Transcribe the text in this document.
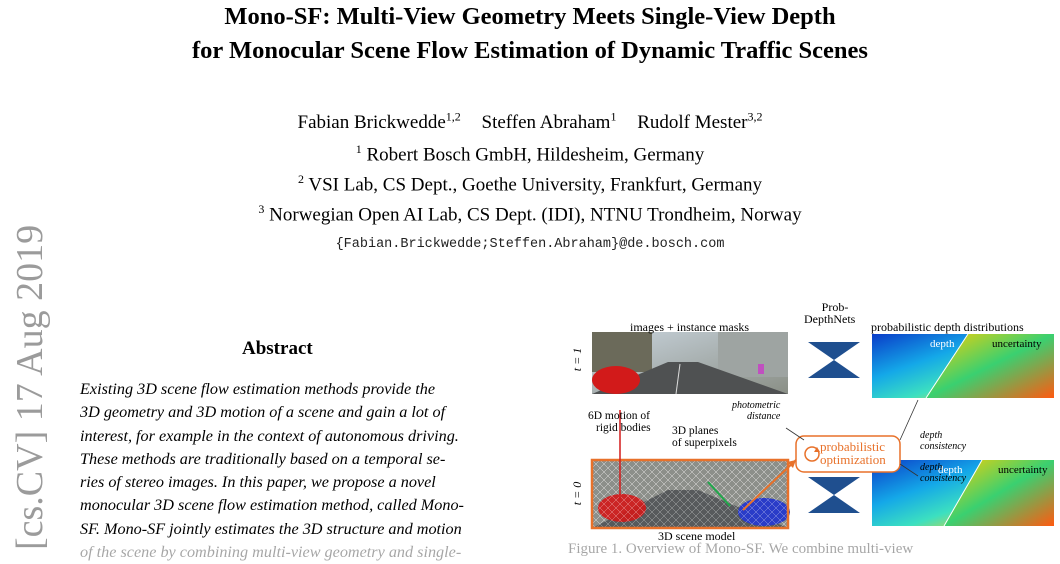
Mono-SF: Multi-View Geometry Meets Single-View Depth
for Monocular Scene Flow Estimation of Dynamic Traffic Scenes
Fabian Brickwedde$^{1,2}$ Steffen Abraham$^1$ Rudolf Mester$^{3,2}$
$^1$ Robert Bosch GmbH, Hildesheim, Germany
$^2$ VSI Lab, CS Dept., Goethe University, Frankfurt, Germany
$^3$ Norwegian Open AI Lab, CS Dept. (IDI), NTNU Trondheim, Norway
{Fabian.Brickwedde;Steffen.Abraham}@de.bosch.com
[cs.CV] 17 Aug 2019	Abstract

Existing 3D scene flow estimation methods provide the

3D geometry and 3D motion of a scene and gain a lot of

interest, for example in the context of autonomous driving.

These methods are traditionally based on a temporal se-

ries of stereo images. In this paper, we propose a novel

monocular 3D scene flow estimation method, called Mono-

SF. Mono-SF jointly estimates the 3D structure and motion

of the scene by combining multi-view geometry and single-

images + instance masks
Prob-
DepthNets
probabilistic depth distributions
t = 1
t = 0
depth	uncertainty
depth	uncertainty
photometric
distance
6D motion of
rigid bodies 3D planes
of superpixels	probabilistic
optimization
depth
consistency
depth
consistency
3D scene model
Figure 1. Overview of Mono-SF. We combine multi-view
